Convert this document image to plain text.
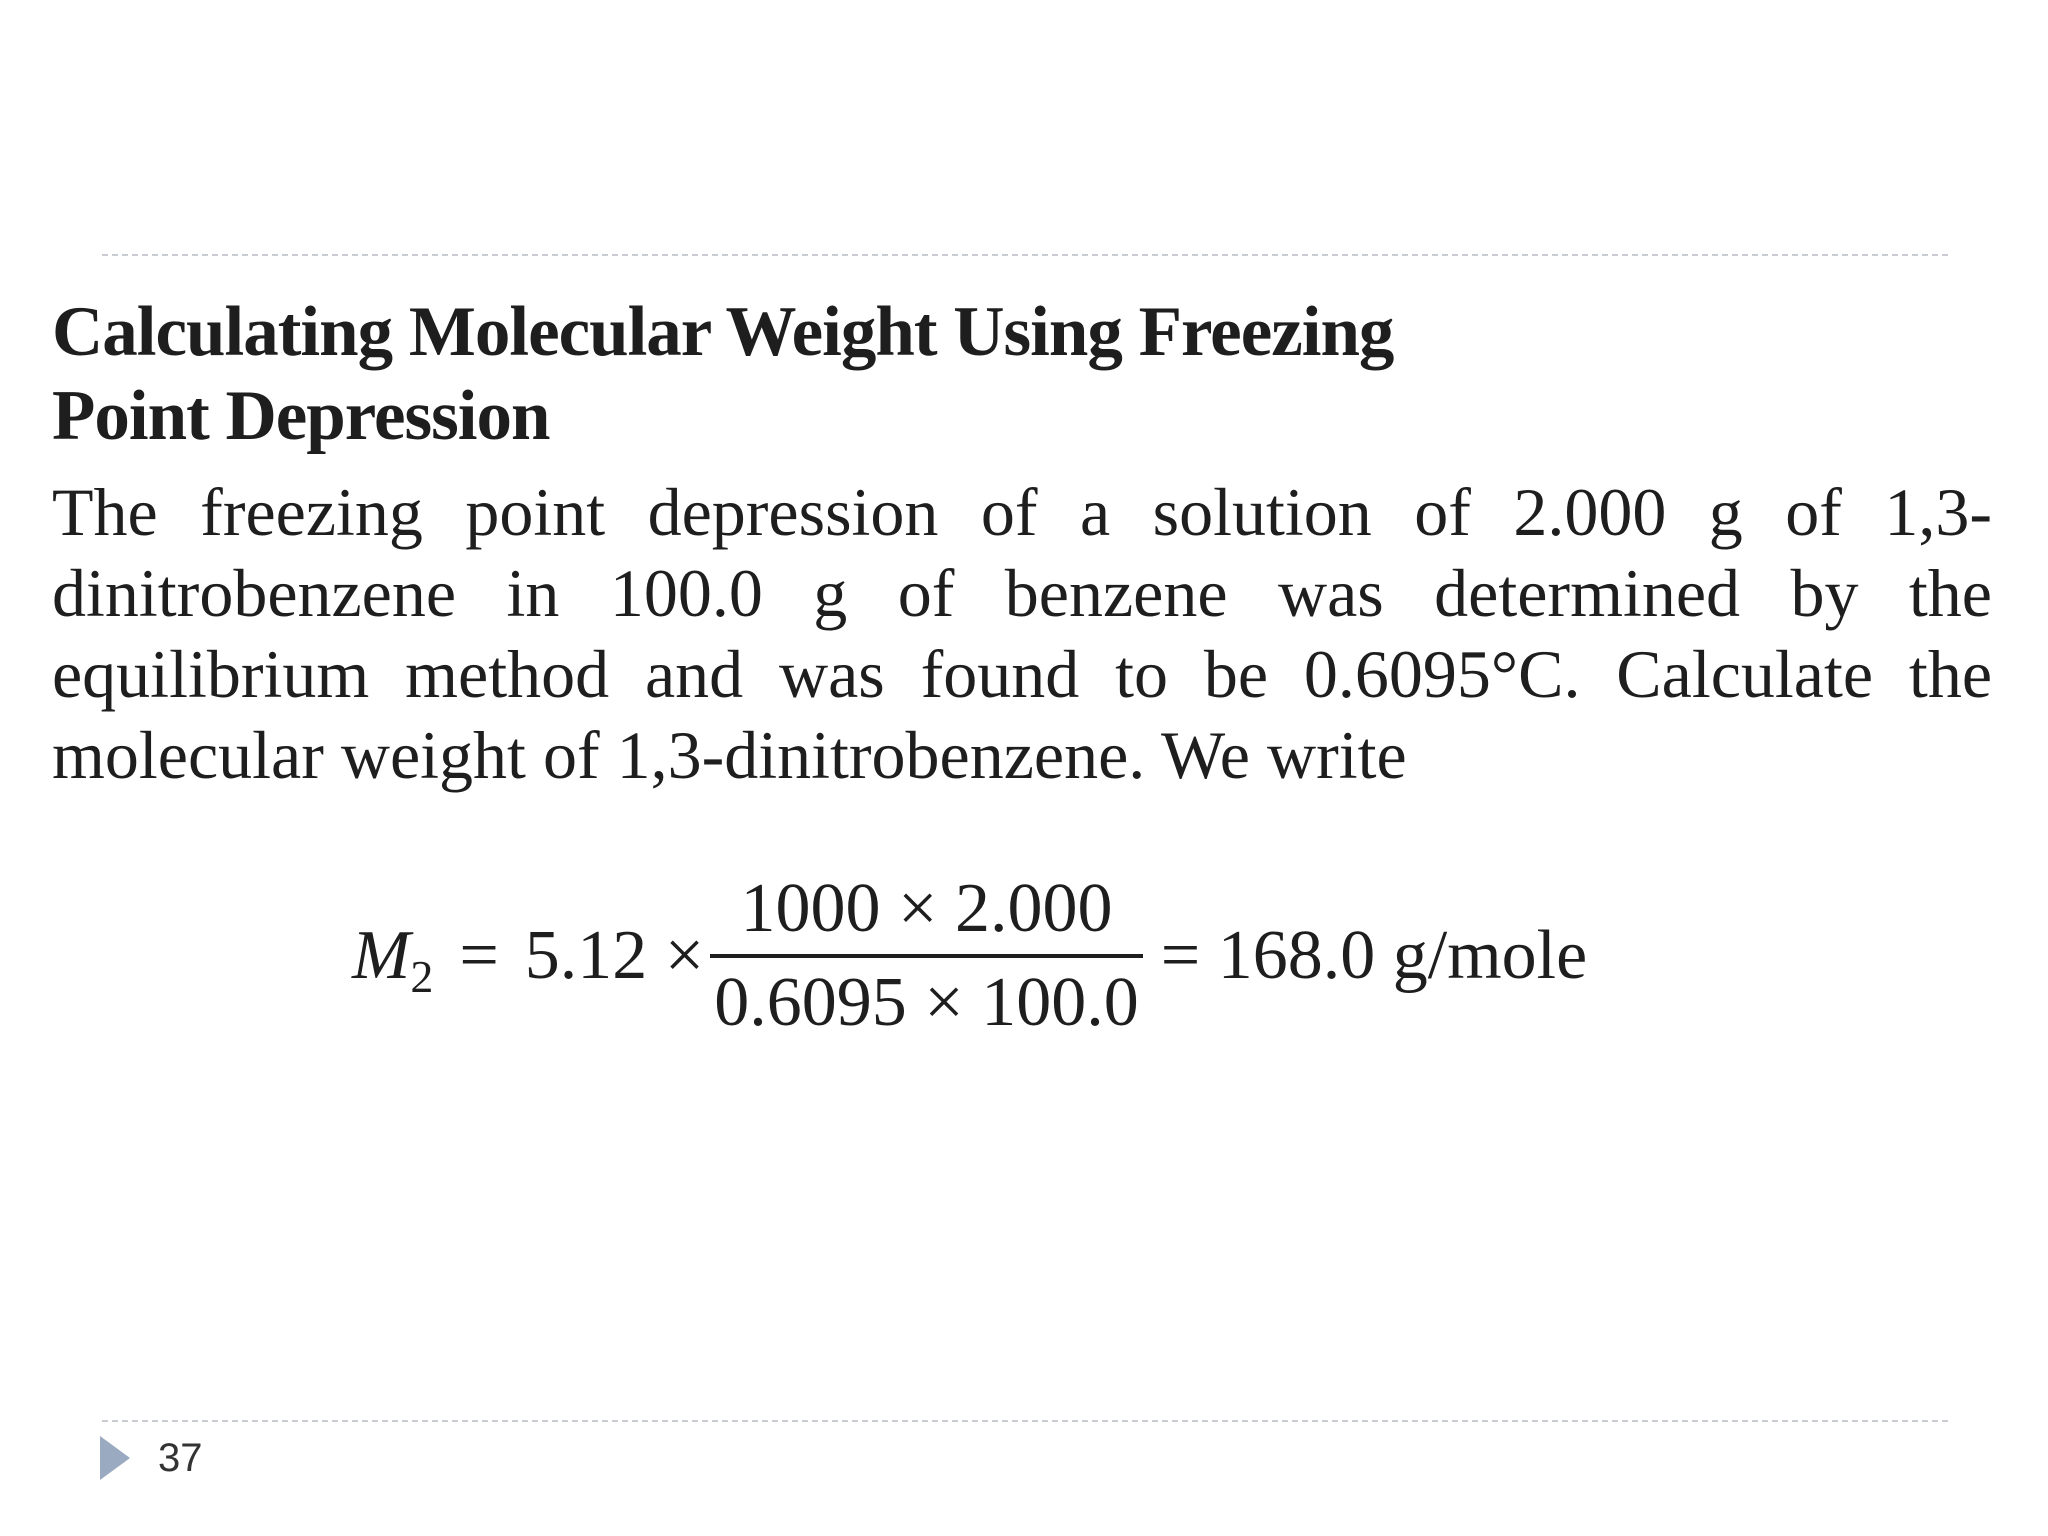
Calculating Molecular Weight Using Freezing
Point Depression

The freezing point depression of a solution of 2.000 g of 1,3-dinitrobenzene in 100.0 g of benzene was determined by the equilibrium method and was found to be 0.6095°C. Calculate the molecular weight of 1,3-dinitrobenzene. We write

$M_2 = 5.12 \times \frac{1000 \times 2.000}{0.6095 \times 100.0} = 168.0$ g/mole
37
